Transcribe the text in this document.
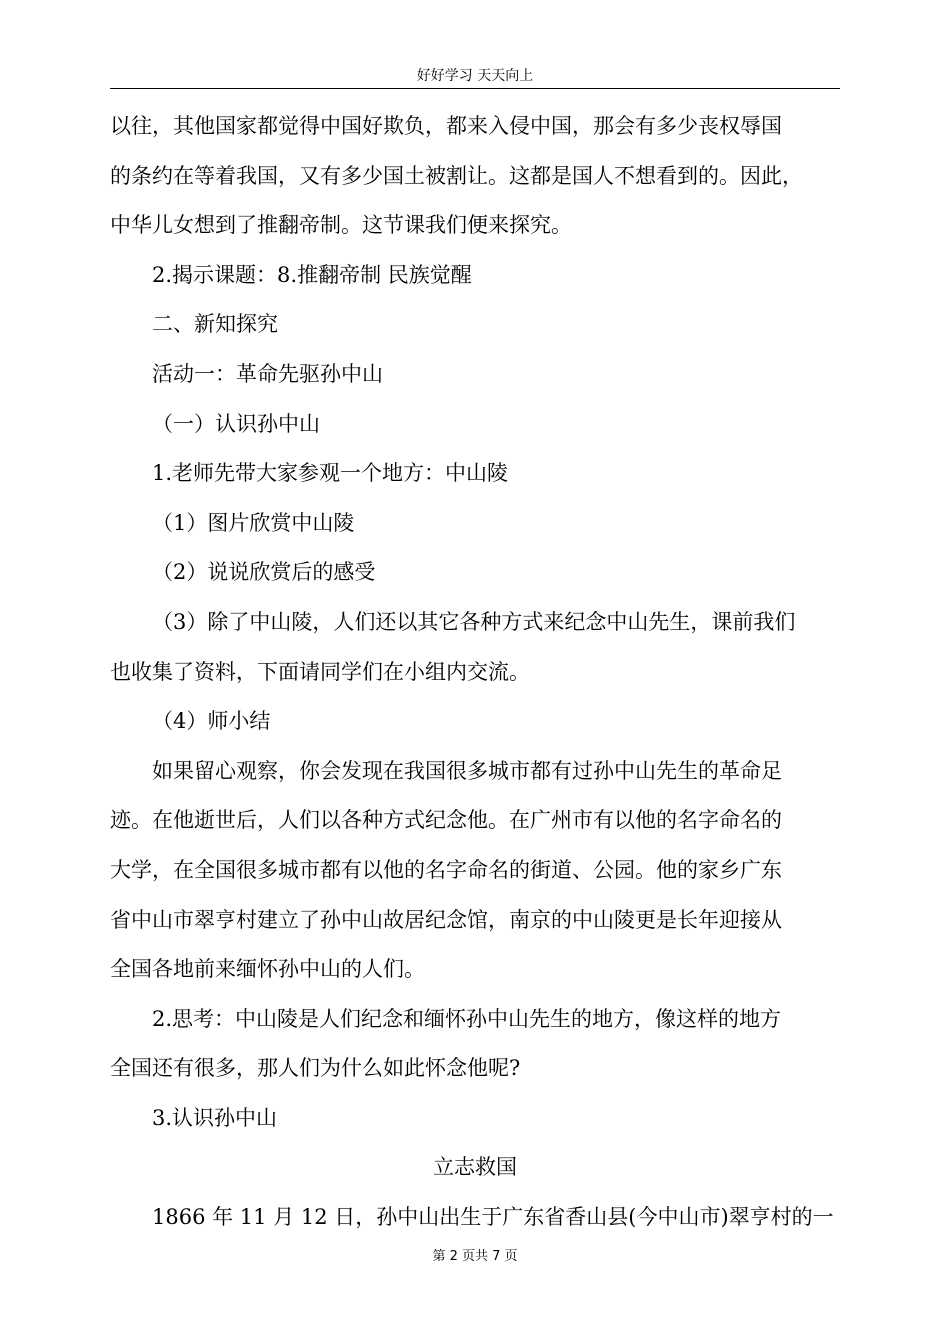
好好学习 天天向上

以往，其他国家都觉得中国好欺负，都来入侵中国，那会有多少丧权辱国

的条约在等着我国，又有多少国土被割让。这都是国人不想看到的。因此，

中华儿女想到了推翻帝制。这节课我们便来探究。

2.揭示课题：8.推翻帝制 民族觉醒

二、新知探究

活动一：革命先驱孙中山

（一）认识孙中山

1.老师先带大家参观一个地方：中山陵

（1）图片欣赏中山陵

（2）说说欣赏后的感受

（3）除了中山陵，人们还以其它各种方式来纪念中山先生，课前我们

也收集了资料，下面请同学们在小组内交流。

（4）师小结

如果留心观察，你会发现在我国很多城市都有过孙中山先生的革命足

迹。在他逝世后，人们以各种方式纪念他。在广州市有以他的名字命名的

大学，在全国很多城市都有以他的名字命名的街道、公园。他的家乡广东

省中山市翠亨村建立了孙中山故居纪念馆，南京的中山陵更是长年迎接从

全国各地前来缅怀孙中山的人们。

2.思考：中山陵是人们纪念和缅怀孙中山先生的地方，像这样的地方

全国还有很多，那人们为什么如此怀念他呢?

3.认识孙中山

立志救国

1866 年 11 月 12 日，孙中山出生于广东省香山县(今中山市)翠亨村的一

第 2 页共 7 页
